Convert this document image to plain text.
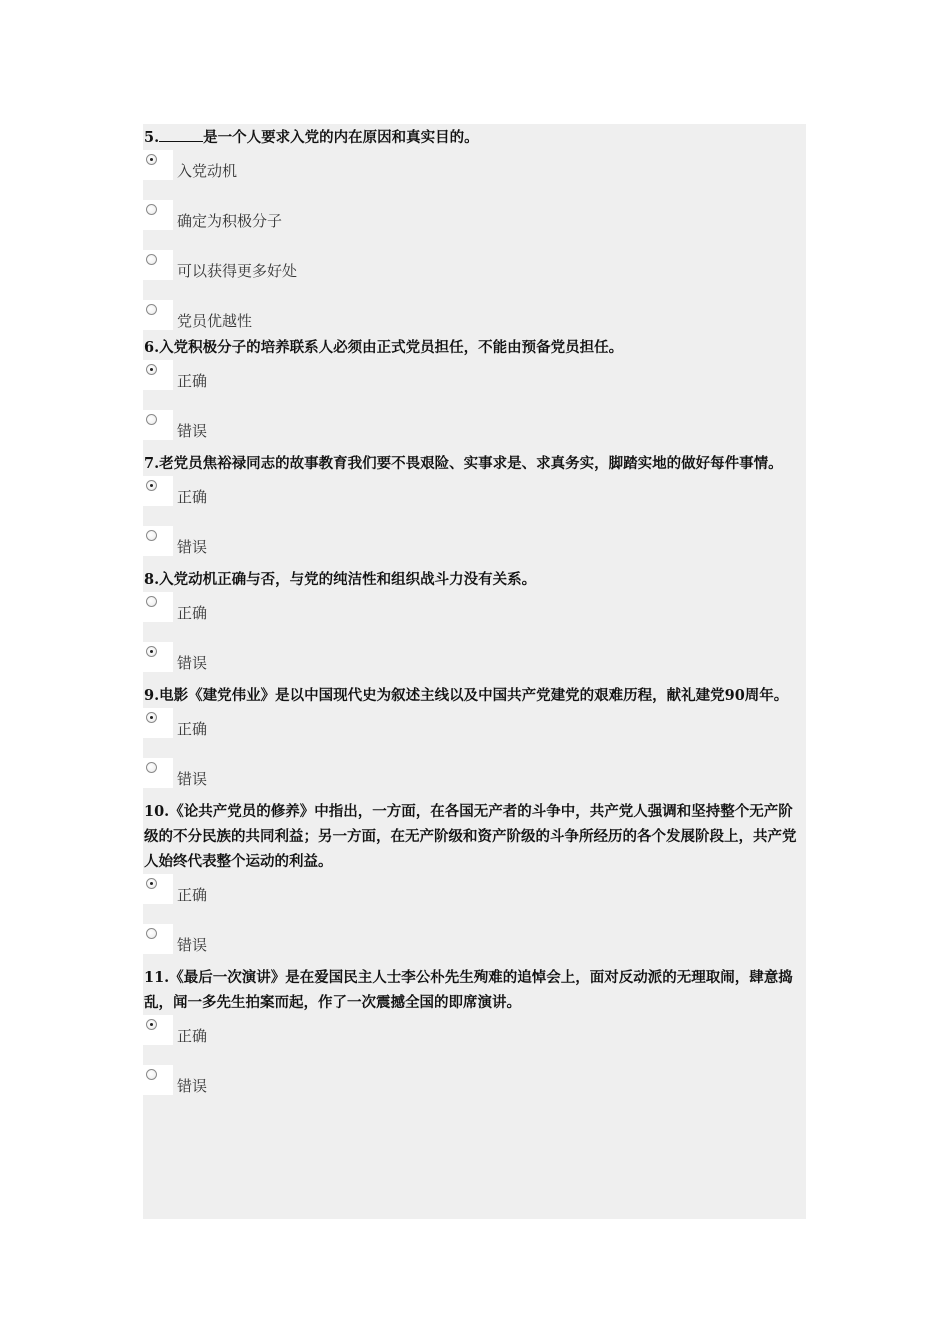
5.	是一个人要求入党的内在原因和真实目的。

入党动机
确定为积极分子
可以获得更多好处
党员优越性

6.入党积极分子的培养联系人必须由正式党员担任，不能由预备党员担任。

正确
错误

7.老党员焦裕禄同志的故事教育我们要不畏艰险、实事求是、求真务实，脚踏实地的做好每件事情。

正确
错误

8.入党动机正确与否，与党的纯洁性和组织战斗力没有关系。

正确
错误

9.电影《建党伟业》是以中国现代史为叙述主线以及中国共产党建党的艰难历程，献礼建党90周年。

正确
错误

10.《论共产党员的修养》中指出，一方面，在各国无产者的斗争中，共产党人强调和坚持整个无产阶级的不分民族的共同利益；另一方面，在无产阶级和资产阶级的斗争所经历的各个发展阶段上，共产党人始终代表整个运动的利益。

正确
错误

11.《最后一次演讲》是在爱国民主人士李公朴先生殉难的追悼会上，面对反动派的无理取闹，肆意捣乱，闻一多先生拍案而起，作了一次震撼全国的即席演讲。

正确
错误
